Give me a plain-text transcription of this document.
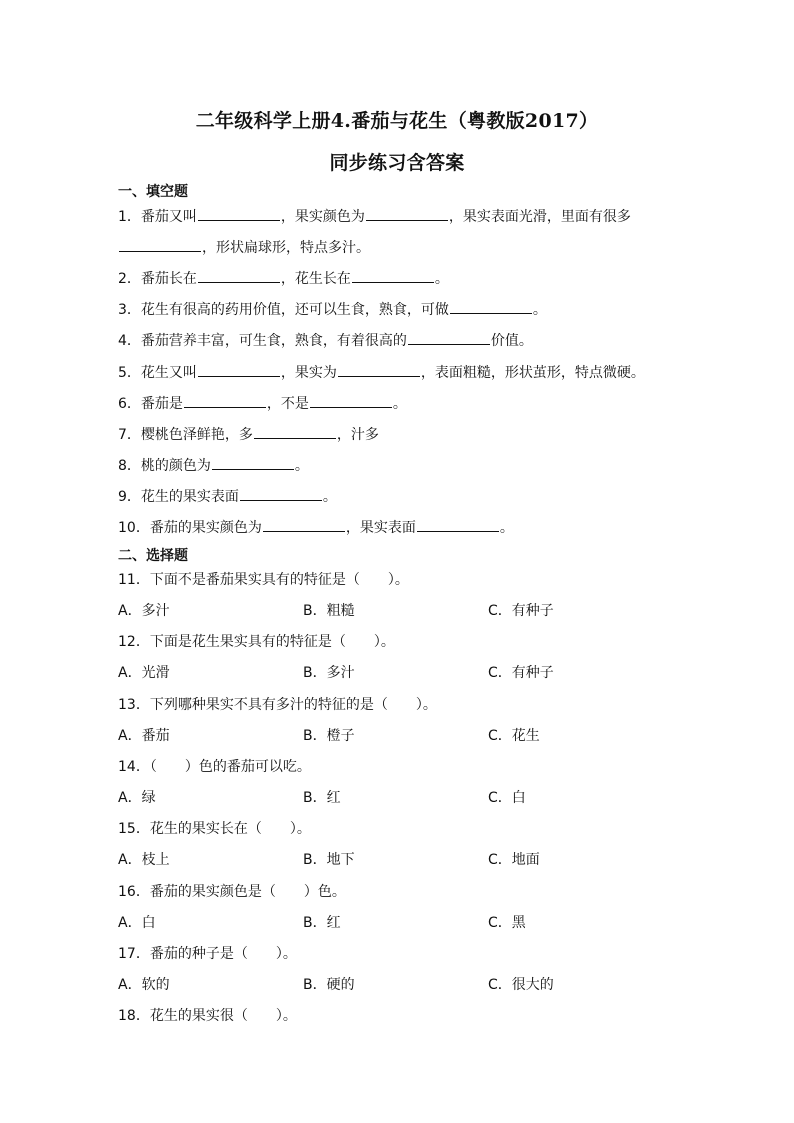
二年级科学上册4.番茄与花生（粤教版2017）
同步练习含答案
一、填空题
1．番茄又叫	，果实颜色为	，果实表面光滑，里面有很多
，形状扁球形，特点多汁。
2．番茄长在	，花生长在	。
3．花生有很高的药用价值，还可以生食，熟食，可做	。
4．番茄营养丰富，可生食，熟食，有着很高的	价值。
5．花生又叫	，果实为	，表面粗糙，形状茧形，特点微硬。
6．番茄是	，不是	。
7．樱桃色泽鲜艳，多	，汁多
8．桃的颜色为	。
9．花生的果实表面	。
10．番茄的果实颜色为	，果实表面	。
二、选择题
11．下面不是番茄果实具有的特征是（　　）。
A．多汁	B．粗糙	C．有种子
12．下面是花生果实具有的特征是（　　）。
A．光滑	B．多汁	C．有种子
13．下列哪种果实不具有多汁的特征的是（　　）。
A．番茄	B．橙子	C．花生
14．（　　）色的番茄可以吃。
A．绿	B．红	C．白
15．花生的果实长在（　　）。
A．枝上	B．地下	C．地面
16．番茄的果实颜色是（　　）色。
A．白	B．红	C．黑
17．番茄的种子是（　　）。
A．软的	B．硬的	C．很大的
18．花生的果实很（　　）。
